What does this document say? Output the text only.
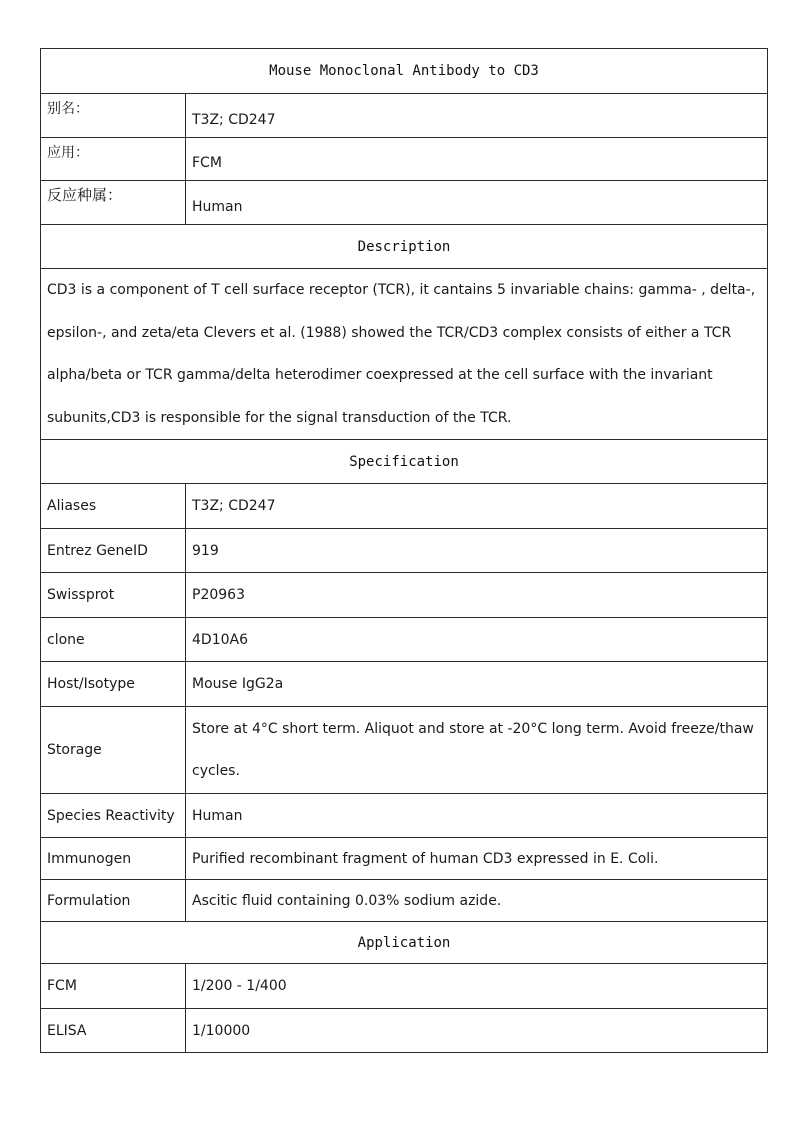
Mouse Monoclonal Antibody to CD3	
别名：	T3Z; CD247
应用：	FCM
反应种属：	Human
Description	
CD3 is a component of T cell surface receptor (TCR), it cantains 5 invariable chains: gamma- , delta-, epsilon-, and zeta/eta Clevers et al. (1988) showed the TCR/CD3 complex consists of either a TCR alpha/beta or TCR gamma/delta heterodimer coexpressed at the cell surface with the invariant subunits,CD3 is responsible for the signal transduction of the TCR.	
Specification	
Aliases	T3Z; CD247
Entrez GeneID	919
Swissprot	P20963
clone	4D10A6
Host/Isotype	Mouse IgG2a
Storage	Store at 4°C short term. Aliquot and store at -20°C long term. Avoid freeze/thaw cycles.
Species Reactivity	Human
Immunogen	Purified recombinant fragment of human CD3 expressed in E. Coli.
Formulation	Ascitic fluid containing 0.03% sodium azide.
Application	
FCM	1/200 - 1/400
ELISA	1/10000
